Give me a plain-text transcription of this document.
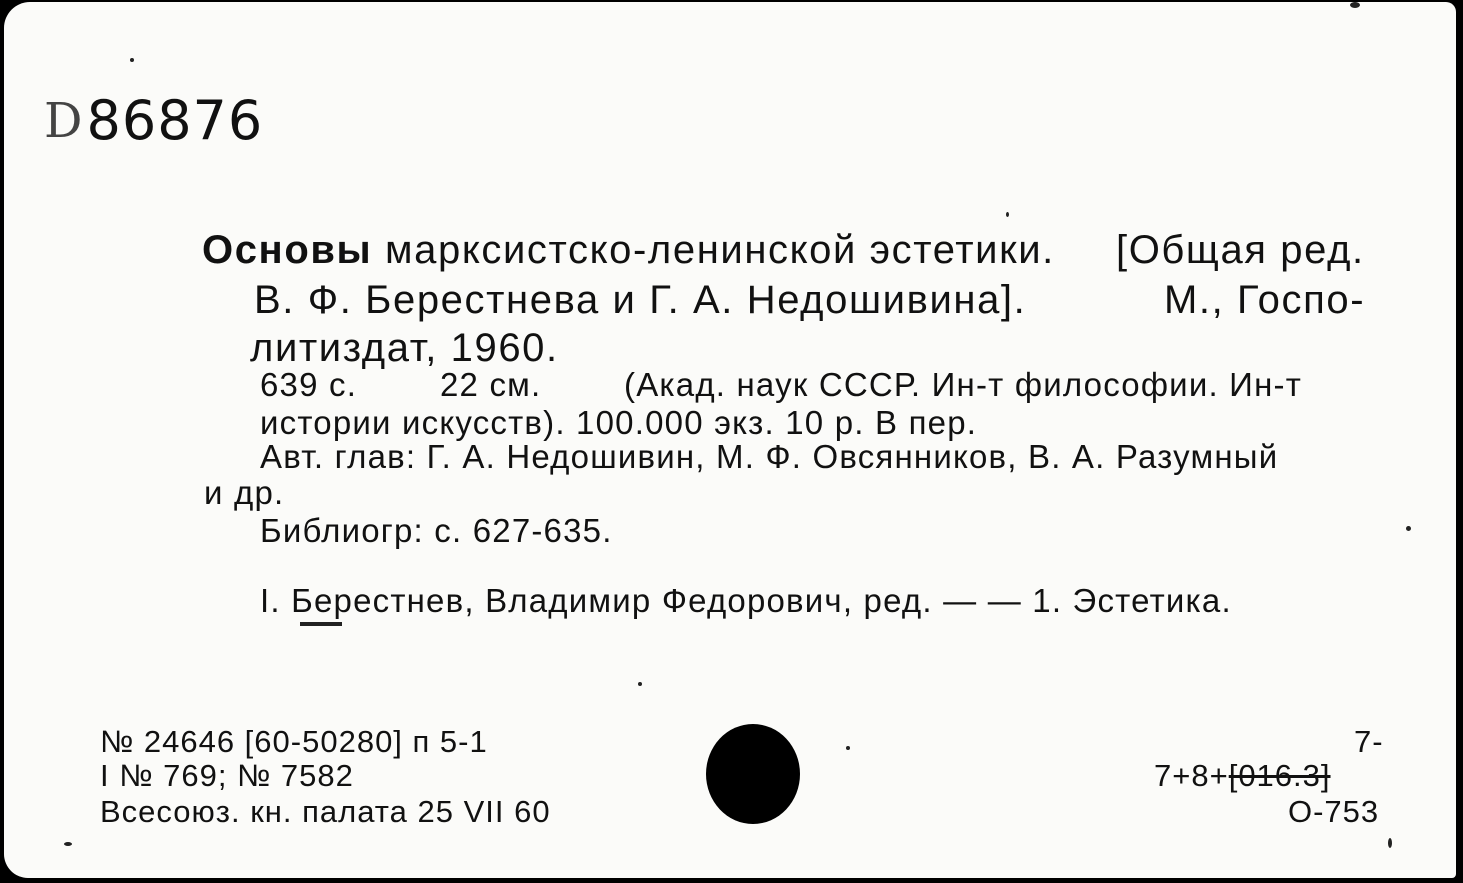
D 86876
Основы марксистско-ленинской эстетики. [Общая ред.
В. Ф. Берестнева и Г. А. Недошивина].	М., Госпо-
литиздат, 1960.
639 с.	22 см.	(Акад. наук СССР. Ин-т философии. Ин-т
истории искусств). 100.000 экз. 10 р. В пер.
Авт. глав: Г. А. Недошивин, М. Ф. Овсянников, В. А. Разумный
и др.
Библиогр: с. 627-635.
I. Берестнев, Владимир Федорович, ред. — — 1. Эстетика.
№ 24646 [60-50280] п 5-1
I № 769; № 7582
Всесоюз. кн. палата 25 VII 60
7-
7+8+[016.3]
О-753
